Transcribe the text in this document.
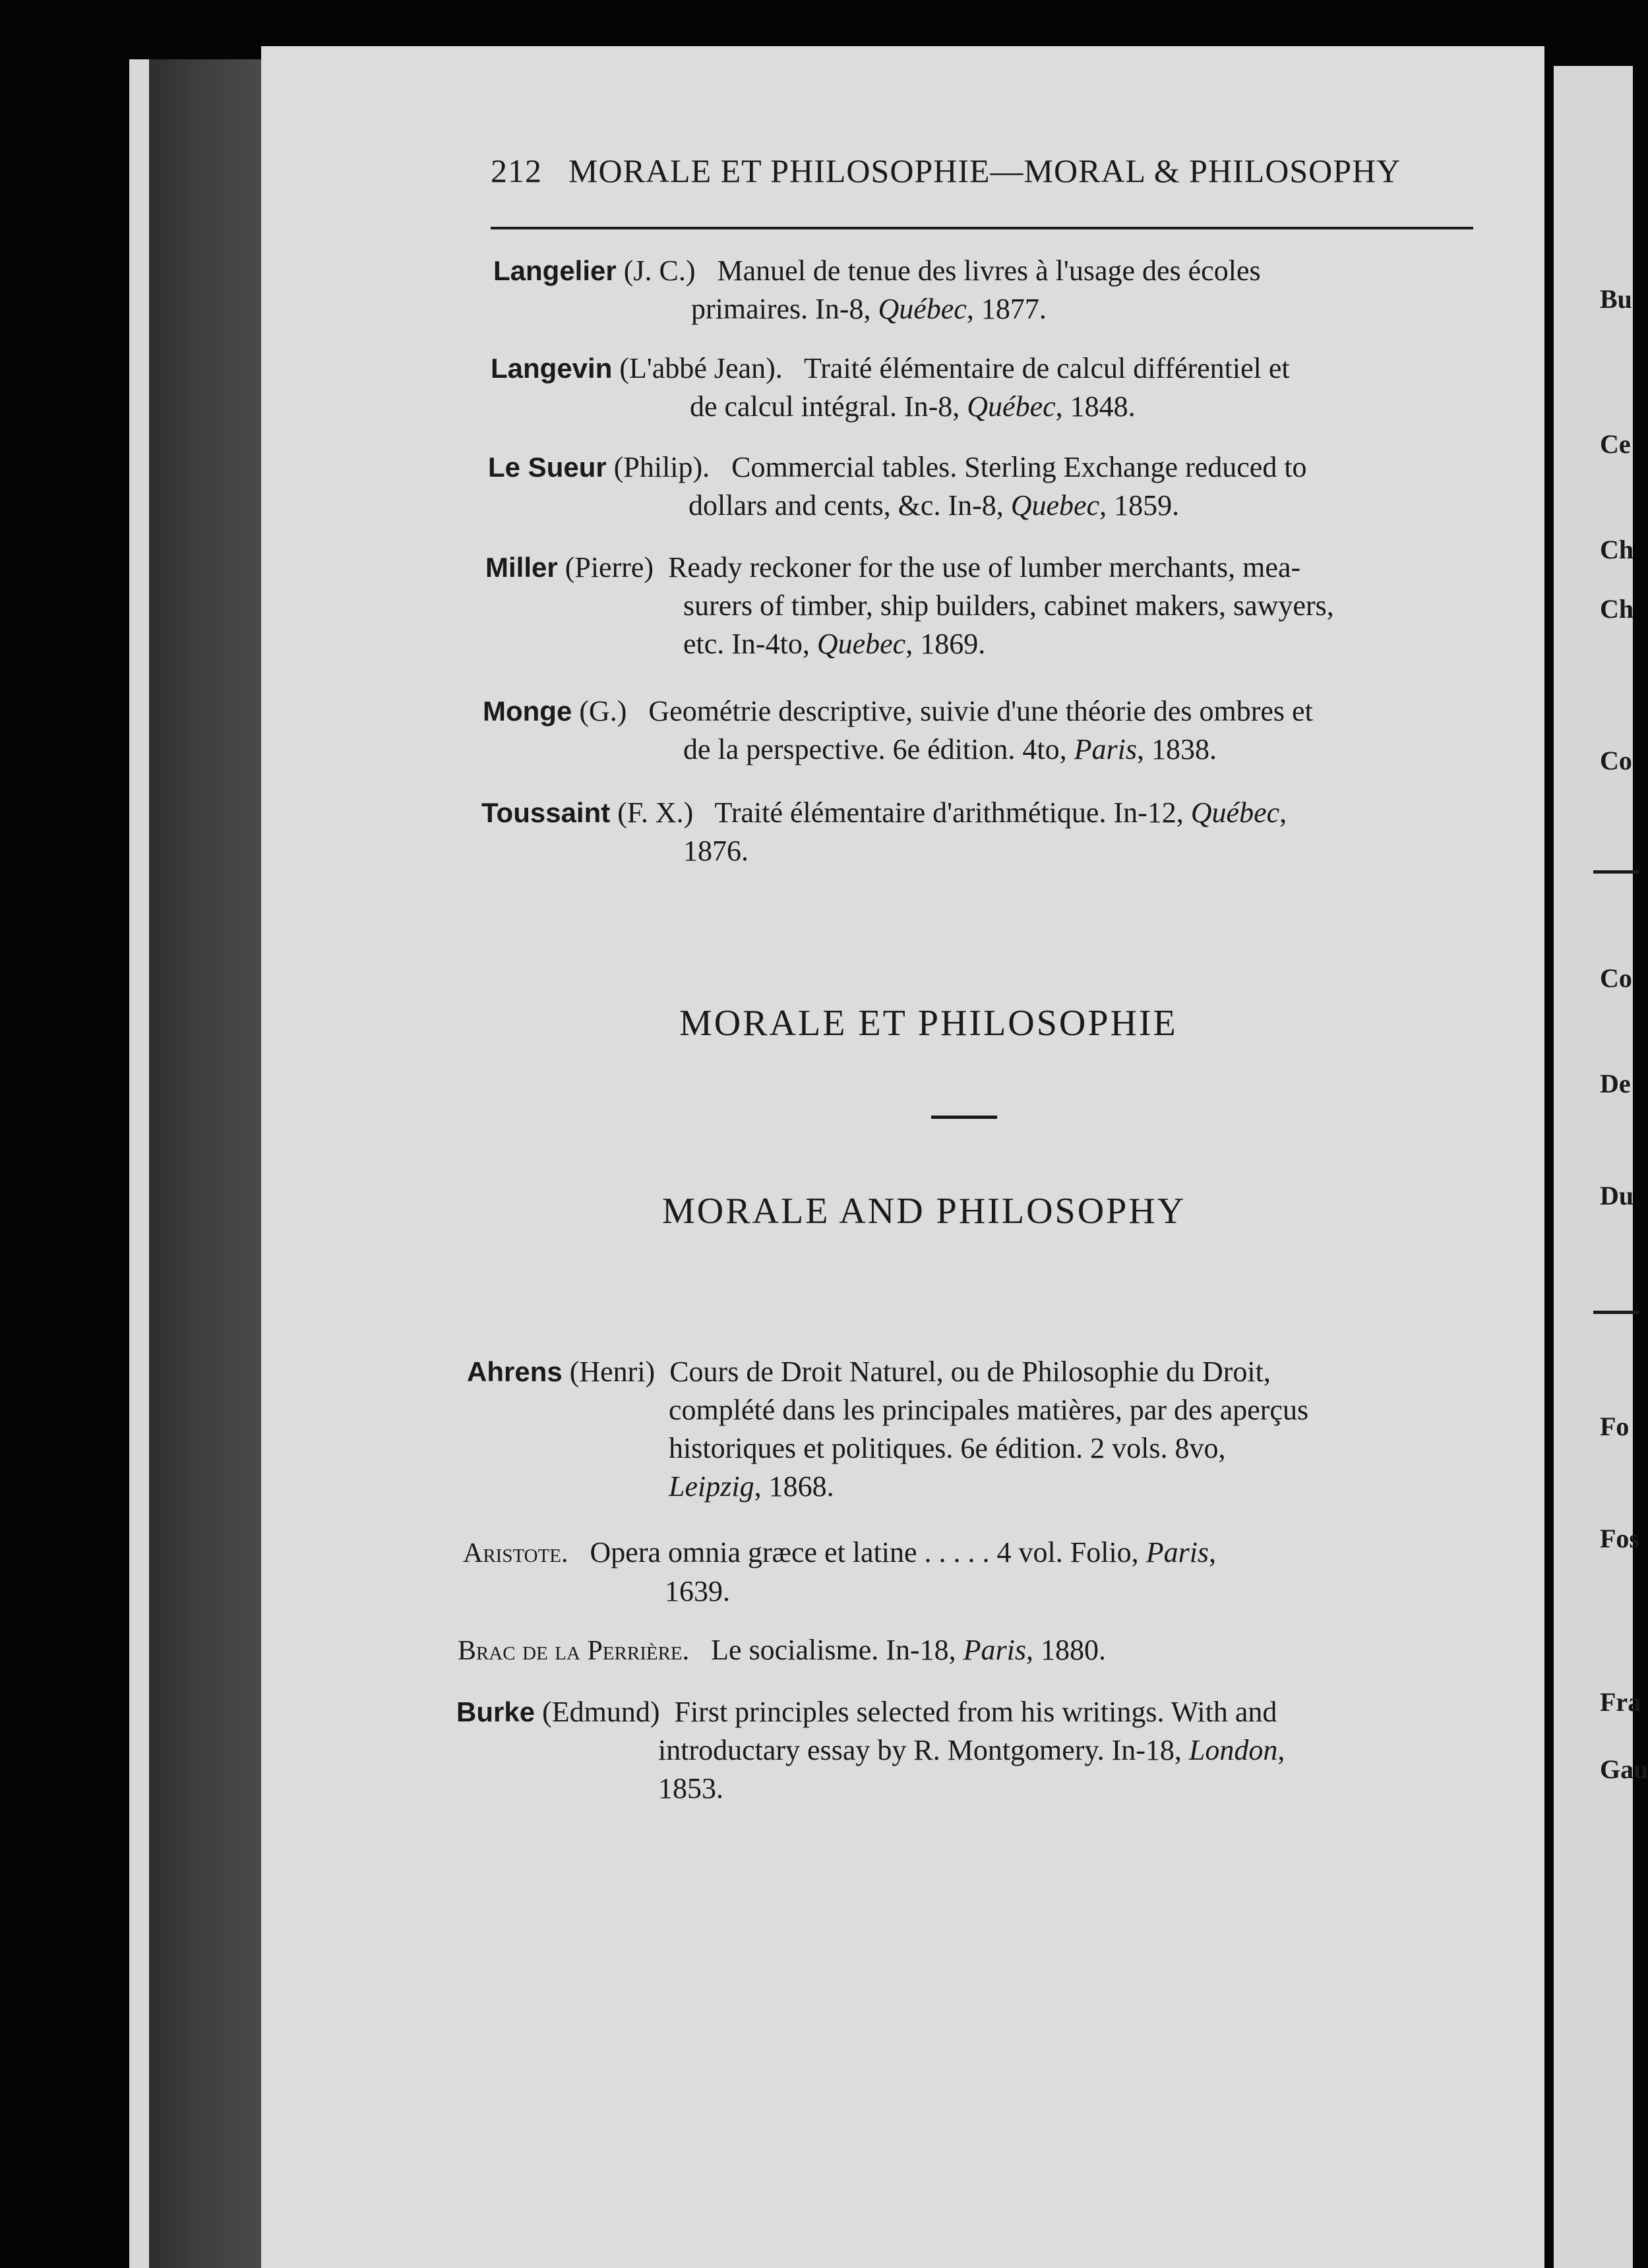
212 MORALE ET PHILOSOPHIE—MORAL & PHILOSOPHY
Langelier (J. C.) Manuel de tenue des livres à l'usage des écoles
primaires. In-8, Québec, 1877.
Langevin (L'abbé Jean). Traité élémentaire de calcul différentiel et
de calcul intégral. In-8, Québec, 1848.
Le Sueur (Philip). Commercial tables. Sterling Exchange reduced to
dollars and cents, &c. In-8, Quebec, 1859.
Miller (Pierre) Ready reckoner for the use of lumber merchants, mea-
surers of timber, ship builders, cabinet makers, sawyers,
etc. In-4to, Quebec, 1869.
Monge (G.) Geométrie descriptive, suivie d'une théorie des ombres et
de la perspective. 6e édition. 4to, Paris, 1838.
Toussaint (F. X.) Traité élémentaire d'arithmétique. In-12, Québec,
1876.
MORALE ET PHILOSOPHIE
MORALE AND PHILOSOPHY
Ahrens (Henri) Cours de Droit Naturel, ou de Philosophie du Droit,
complété dans les principales matières, par des aperçus
historiques et politiques. 6e édition. 2 vols. 8vo,
Leipzig, 1868.
Aristote. Opera omnia græce et latine . . . . . 4 vol. Folio, Paris,
1639.
Brac de la Perrière. Le socialisme. In-18, Paris, 1880.
Burke (Edmund) First principles selected from his writings. With and
introductary essay by R. Montgomery. In-18, London,
1853.
Bu
Ce
Ch
Ch
Co
Co
De
Du
Fo
Fos
Fra
Gau
